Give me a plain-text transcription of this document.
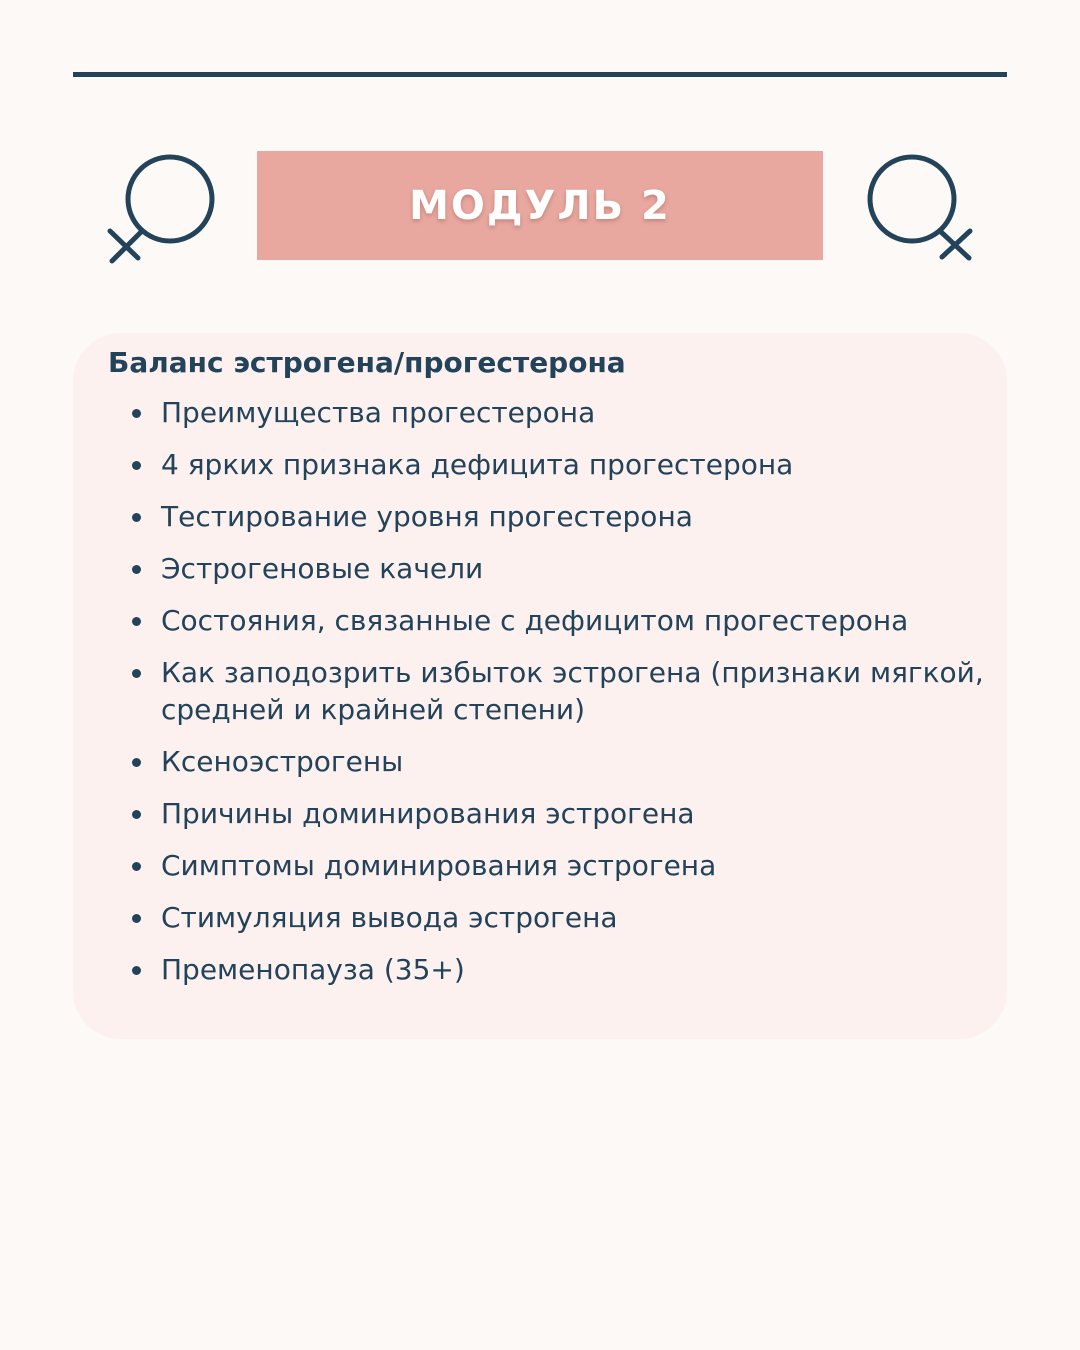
МОДУЛЬ 2
Баланс эстрогена/прогестерона
Преимущества прогестерона
4 ярких признака дефицита прогестерона
Тестирование уровня прогестерона
Эстрогеновые качели
Состояния, связанные с дефицитом прогестерона
Как заподозрить избыток эстрогена (признаки мягкой, средней и крайней степени)
Ксеноэстрогены
Причины доминирования эстрогена
Симптомы доминирования эстрогена
Стимуляция вывода эстрогена
Пременопауза (35+)
